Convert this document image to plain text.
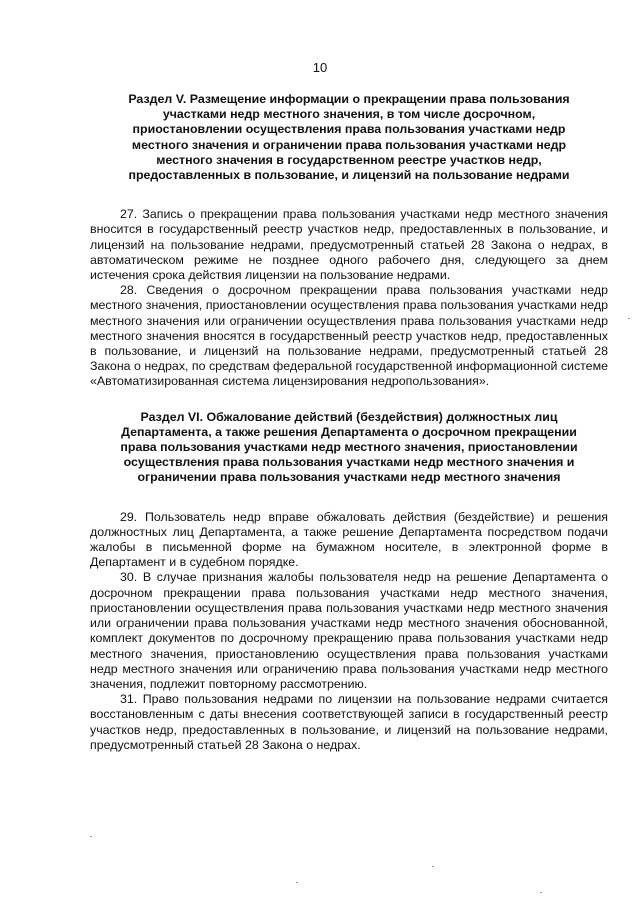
10
Раздел V. Размещение информации о прекращении права пользования участками недр местного значения, в том числе досрочном, приостановлении осуществления права пользования участками недр местного значения и ограничении права пользования участками недр местного значения в государственном реестре участков недр, предоставленных в пользование, и лицензий на пользование недрами

27. Запись о прекращении права пользования участками недр местного значения вносится в государственный реестр участков недр, предоставленных в пользование, и лицензий на пользование недрами, предусмотренный статьей 28 Закона о недрах, в автоматическом режиме не позднее одного рабочего дня, следующего за днем истечения срока действия лицензии на пользование недрами.

28. Сведения о досрочном прекращении права пользования участками недр местного значения, приостановлении осуществления права пользования участками недр местного значения или ограничении осуществления права пользования участками недр местного значения вносятся в государственный реестр участков недр, предоставленных в пользование, и лицензий на пользование недрами, предусмотренный статьей 28 Закона о недрах, по средствам федеральной государственной информационной системе «Автоматизированная система лицензирования недропользования».

Раздел VI. Обжалование действий (бездействия) должностных лиц Департамента, а также решения Департамента о досрочном прекращении права пользования участками недр местного значения, приостановлении осуществления права пользования участками недр местного значения и ограничении права пользования участками недр местного значения

29. Пользователь недр вправе обжаловать действия (бездействие) и решения должностных лиц Департамента, а также решение Департамента посредством подачи жалобы в письменной форме на бумажном носителе, в электронной форме в Департамент и в судебном порядке.

30. В случае признания жалобы пользователя недр на решение Департамента о досрочном прекращении права пользования участками недр местного значения, приостановлении осуществления права пользования участками недр местного значения или ограничении права пользования участками недр местного значения обоснованной, комплект документов по досрочному прекращению права пользования участками недр местного значения, приостановлению осуществления права пользования участками недр местного значения или ограничению права пользования участками недр местного значения, подлежит повторному рассмотрению.

31. Право пользования недрами по лицензии на пользование недрами считается восстановленным с даты внесения соответствующей записи в государственный реестр участков недр, предоставленных в пользование, и лицензий на пользование недрами, предусмотренный статьей 28 Закона о недрах.
